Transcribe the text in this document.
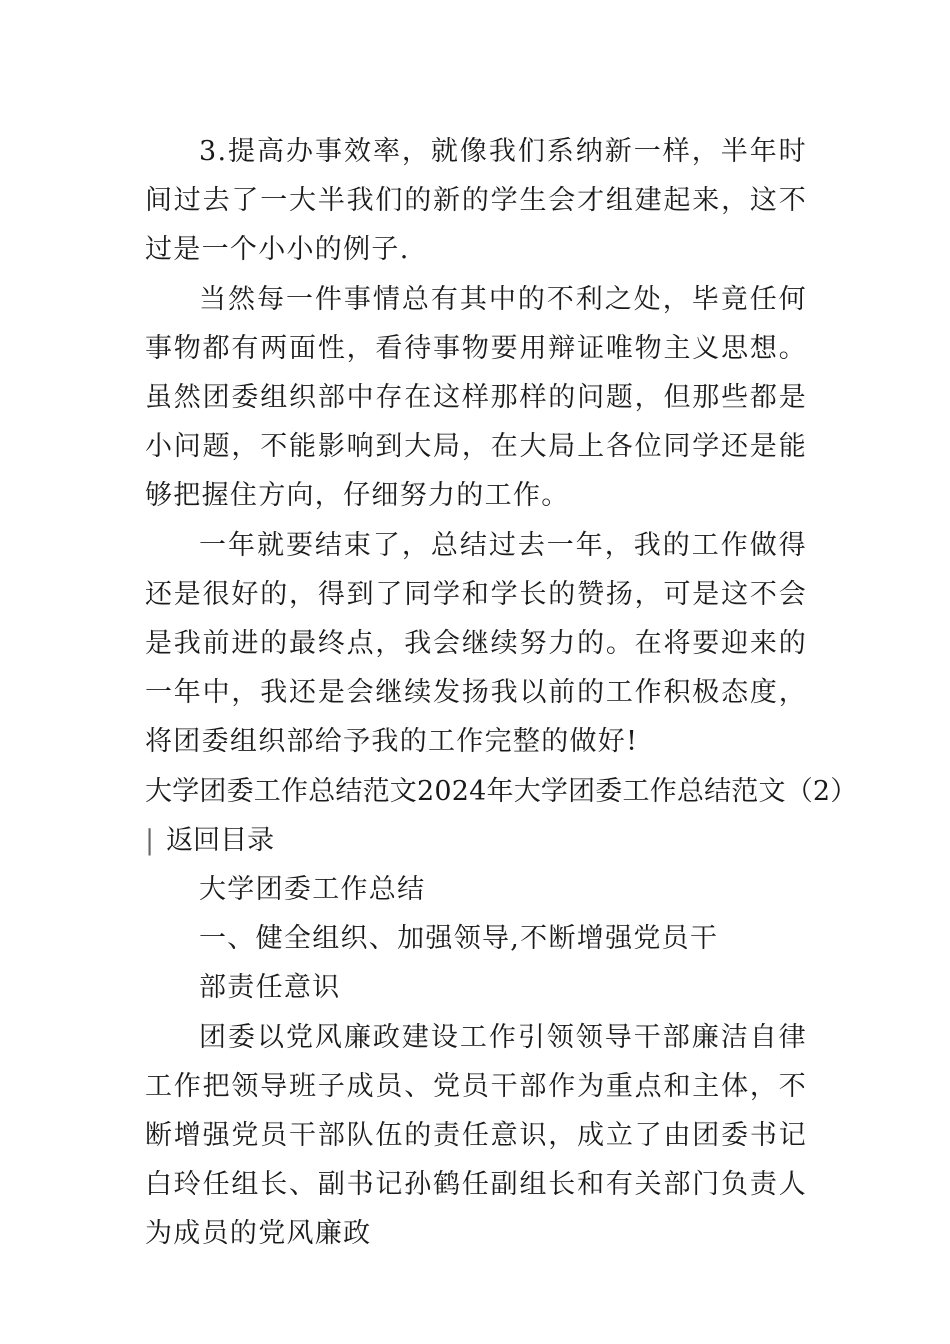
3.提高办事效率，就像我们系纳新一样，半年时间过去了一大半我们的新的学生会才组建起来，这不过是一个小小的例子.

当然每一件事情总有其中的不利之处，毕竟任何事物都有两面性，看待事物要用辩证唯物主义思想。虽然团委组织部中存在这样那样的问题，但那些都是小问题，不能影响到大局，在大局上各位同学还是能够把握住方向，仔细努力的工作。

一年就要结束了，总结过去一年，我的工作做得还是很好的，得到了同学和学长的赞扬，可是这不会是我前进的最终点，我会继续努力的。在将要迎来的一年中，我还是会继续发扬我以前的工作积极态度，将团委组织部给予我的工作完整的做好!

大学团委工作总结范文2024年大学团委工作总结范文（2）

| 返回目录

大学团委工作总结

一、健全组织、加强领导,不断增强党员干

部责任意识

团委以党风廉政建设工作引领领导干部廉洁自律工作把领导班子成员、党员干部作为重点和主体，不断增强党员干部队伍的责任意识，成立了由团委书记白玲任组长、副书记孙鹤任副组长和有关部门负责人为成员的党风廉政
